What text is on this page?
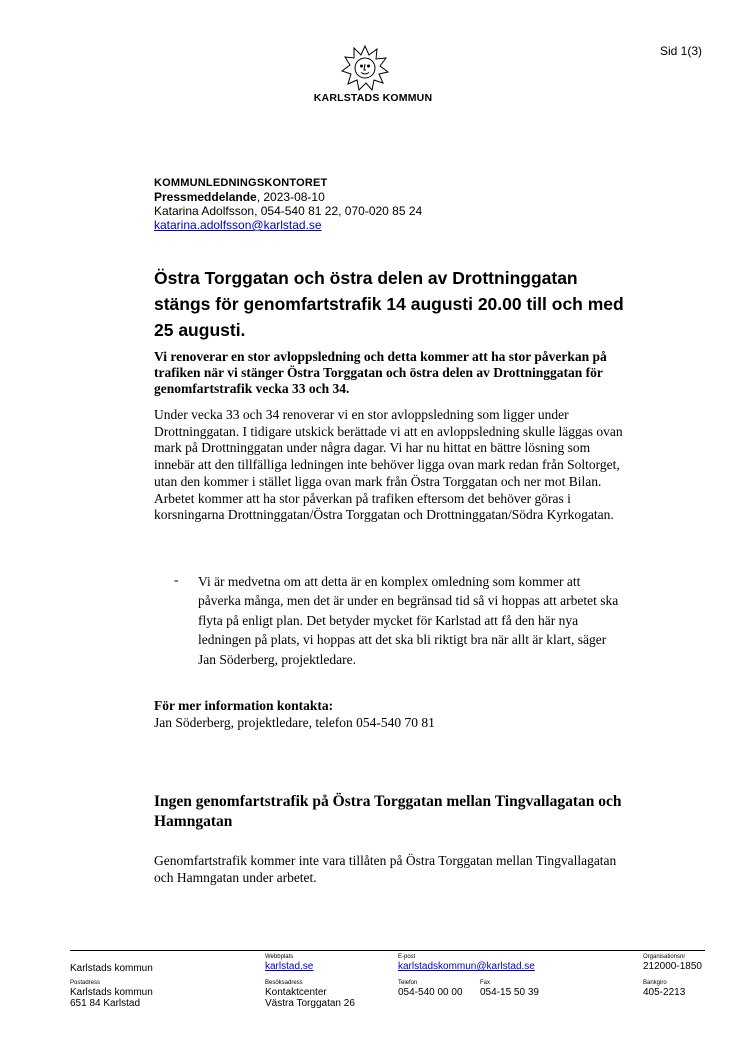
Sid 1(3)
KARLSTADS KOMMUN
KOMMUNLEDNINGSKONTORET
Pressmeddelande, 2023-08-10
Katarina Adolfsson, 054-540 81 22, 070-020 85 24
katarina.adolfsson@karlstad.se
Östra Torggatan och östra delen av Drottninggatan stängs för genomfartstrafik 14 augusti 20.00 till och med 25 augusti.
Vi renoverar en stor avloppsledning och detta kommer att ha stor påverkan på trafiken när vi stänger Östra Torggatan och östra delen av Drottninggatan för genomfartstrafik vecka 33 och 34.
Under vecka 33 och 34 renoverar vi en stor avloppsledning som ligger under Drottninggatan. I tidigare utskick berättade vi att en avloppsledning skulle läggas ovan mark på Drottninggatan under några dagar. Vi har nu hittat en bättre lösning som innebär att den tillfälliga ledningen inte behöver ligga ovan mark redan från Soltorget, utan den kommer i stället ligga ovan mark från Östra Torggatan och ner mot Bilan. Arbetet kommer att ha stor påverkan på trafiken eftersom det behöver göras i korsningarna Drottninggatan/Östra Torggatan och Drottninggatan/Södra Kyrkogatan.
- Vi är medvetna om att detta är en komplex omledning som kommer att påverka många, men det är under en begränsad tid så vi hoppas att arbetet ska flyta på enligt plan. Det betyder mycket för Karlstad att få den här nya ledningen på plats, vi hoppas att det ska bli riktigt bra när allt är klart, säger Jan Söderberg, projektledare.
För mer information kontakta:
Jan Söderberg, projektledare, telefon 054-540 70 81
Ingen genomfartstrafik på Östra Torggatan mellan Tingvallagatan och Hamngatan
Genomfartstrafik kommer inte vara tillåten på Östra Torggatan mellan Tingvallagatan och Hamngatan under arbetet.
Karlstads kommun
Webbplats
karlstad.se
E-post
karlstadskommun@karlstad.se
Organisationsnr
212000-1850
Postadress
Karlstads kommun
651 84 Karlstad
Besöksadress
Kontaktcenter
Västra Torggatan 26
Telefon
054-540 00 00
Fax
054-15 50 39
Bankgiro
405-2213
